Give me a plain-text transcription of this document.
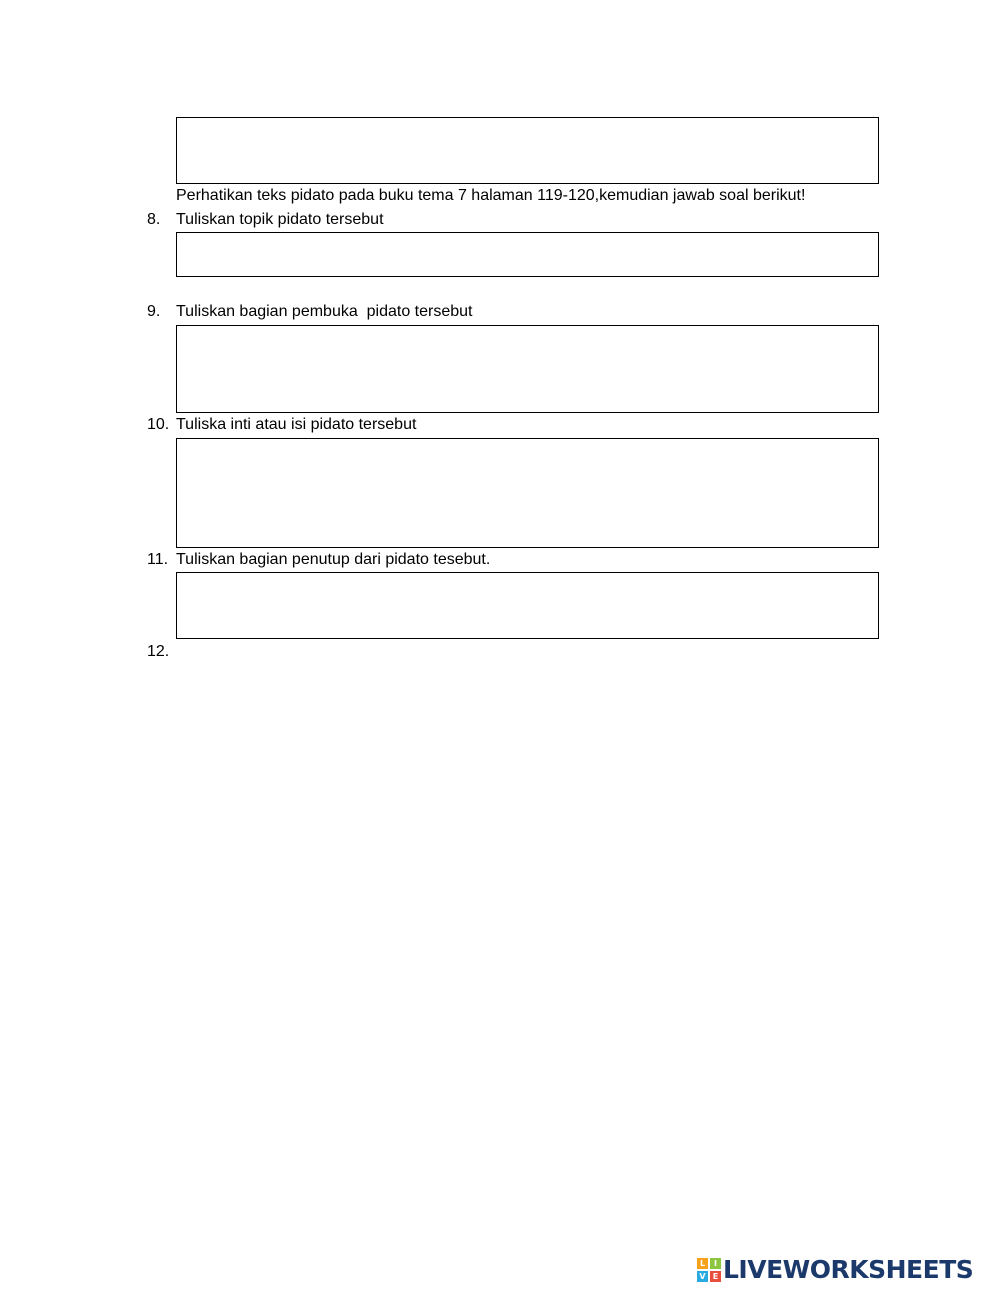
Perhatikan teks pidato pada buku tema 7 halaman 119-120,kemudian jawab soal berikut!
8. Tuliskan topik pidato tersebut
9. Tuliskan bagian pembuka  pidato tersebut
10. Tuliska inti atau isi pidato tersebut
11. Tuliskan bagian penutup dari pidato tesebut.
12.
L	I
V E LIVEWORKSHEETS
